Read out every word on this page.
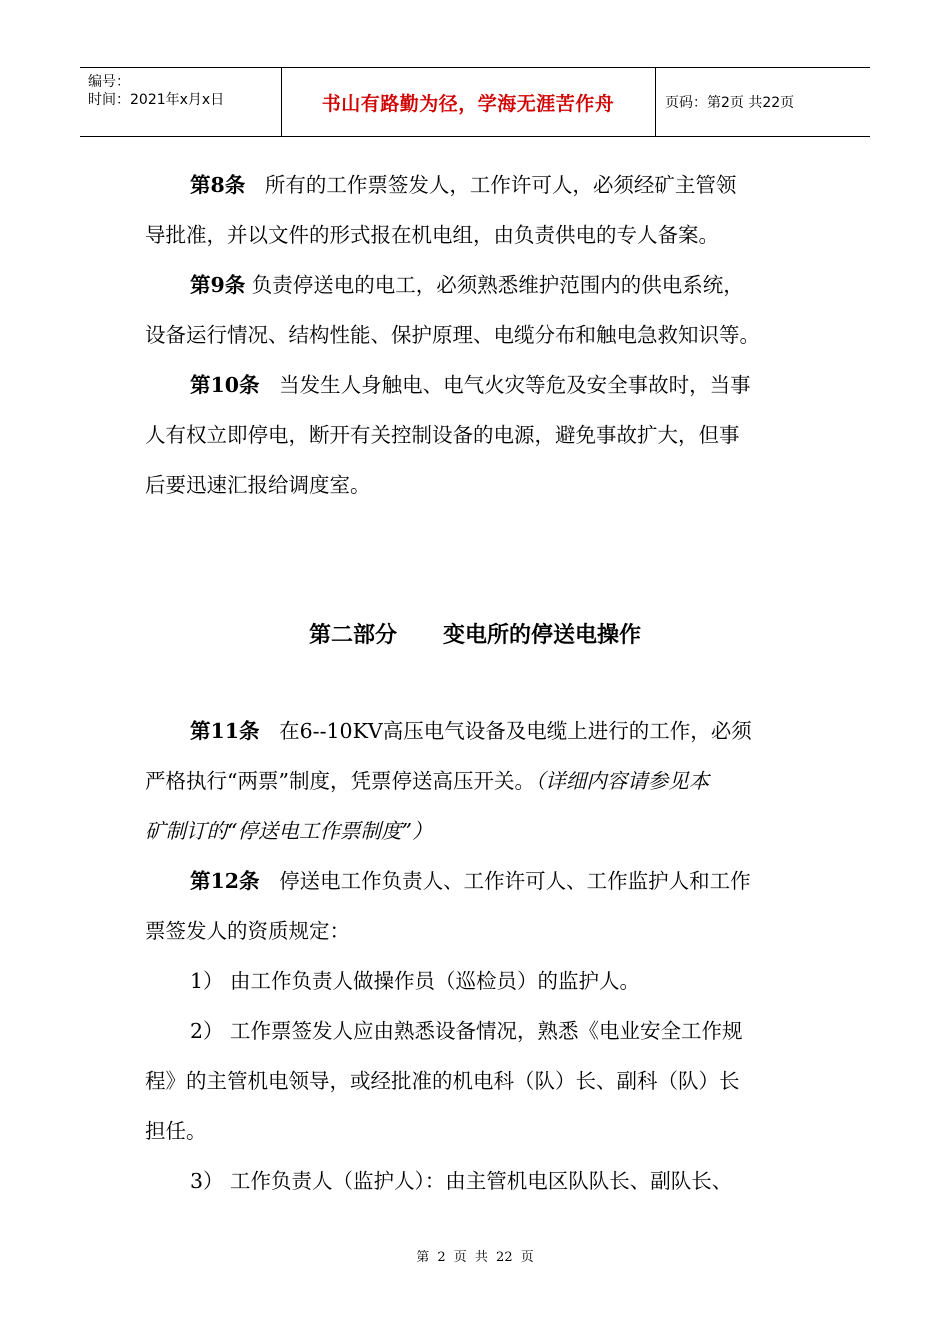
编号：
时间：2021年x月x日	书山有路勤为径，学海无涯苦作舟	页码：第2页 共22页
第8条 所有的工作票签发人，工作许可人，必须经矿主管领
导批准，并以文件的形式报在机电组，由负责供电的专人备案。
第9条 负责停送电的电工，必须熟悉维护范围内的供电系统，
设备运行情况、结构性能、保护原理、电缆分布和触电急救知识等。
第10条 当发生人身触电、电气火灾等危及安全事故时，当事
人有权立即停电，断开有关控制设备的电源，避免事故扩大，但事
后要迅速汇报给调度室。
第二部分      变电所的停送电操作
第11条 在6--10KV高压电气设备及电缆上进行的工作，必须
严格执行“两票”制度，凭票停送高压开关。（详细内容请参见本
矿制订的“停送电工作票制度”）
第12条 停送电工作负责人、工作许可人、工作监护人和工作
票签发人的资质规定：
1） 由工作负责人做操作员（巡检员）的监护人。
2） 工作票签发人应由熟悉设备情况，熟悉《电业安全工作规
程》的主管机电领导，或经批准的机电科（队）长、副科（队）长
担任。
3） 工作负责人（监护人）：由主管机电区队队长、副队长、
第 2 页 共 22 页
